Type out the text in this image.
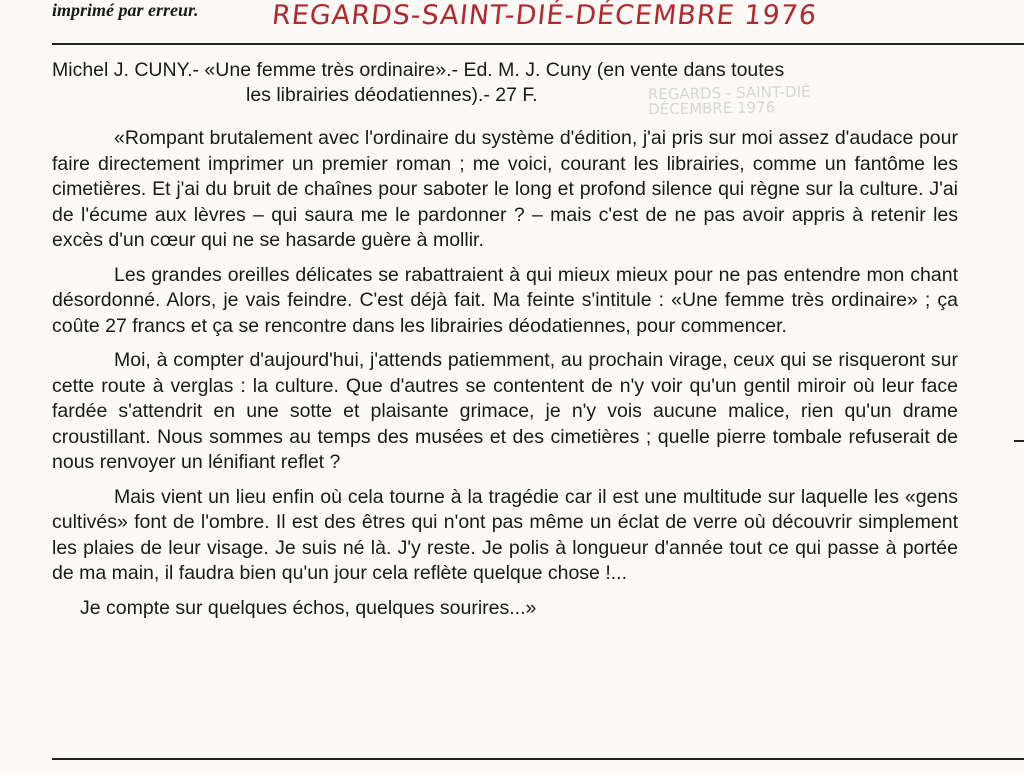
imprimé par erreur.	REGARDS-SAINT-DIÉ-DÉCEMBRE 1976
Michel J. CUNY.- «Une femme très ordinaire».- Ed. M. J. Cuny (en vente dans toutes
les librairies déodatiennes).- 27 F.	REGARDS - SAINT-DIÉ
DÉCEMBRE 1976

«Rompant brutalement avec l'ordinaire du système d'édition, j'ai pris sur moi assez d'audace pour faire directement imprimer un premier roman ; me voici, courant les librairies, comme un fantôme les cimetières. Et j'ai du bruit de chaînes pour saboter le long et profond silence qui règne sur la culture. J'ai de l'écume aux lèvres – qui saura me le pardonner ? – mais c'est de ne pas avoir appris à retenir les excès d'un cœur qui ne se hasarde guère à mollir.

Les grandes oreilles délicates se rabattraient à qui mieux mieux pour ne pas entendre mon chant désordonné. Alors, je vais feindre. C'est déjà fait. Ma feinte s'intitule : «Une femme très ordinaire» ; ça coûte 27 francs et ça se rencontre dans les librairies déodatiennes, pour commencer.

Moi, à compter d'aujourd'hui, j'attends patiemment, au prochain virage, ceux qui se risqueront sur cette route à verglas : la culture. Que d'autres se contentent de n'y voir qu'un gentil miroir où leur face fardée s'attendrit en une sotte et plaisante grimace, je n'y vois aucune malice, rien qu'un drame croustillant. Nous sommes au temps des musées et des cimetières ; quelle pierre tombale refuserait de nous renvoyer un lénifiant reflet ?

Mais vient un lieu enfin où cela tourne à la tragédie car il est une multitude sur laquelle les «gens cultivés» font de l'ombre. Il est des êtres qui n'ont pas même un éclat de verre où découvrir simplement les plaies de leur visage. Je suis né là. J'y reste. Je polis à longueur d'année tout ce qui passe à portée de ma main, il faudra bien qu'un jour cela reflète quelque chose !...

Je compte sur quelques échos, quelques sourires...»
